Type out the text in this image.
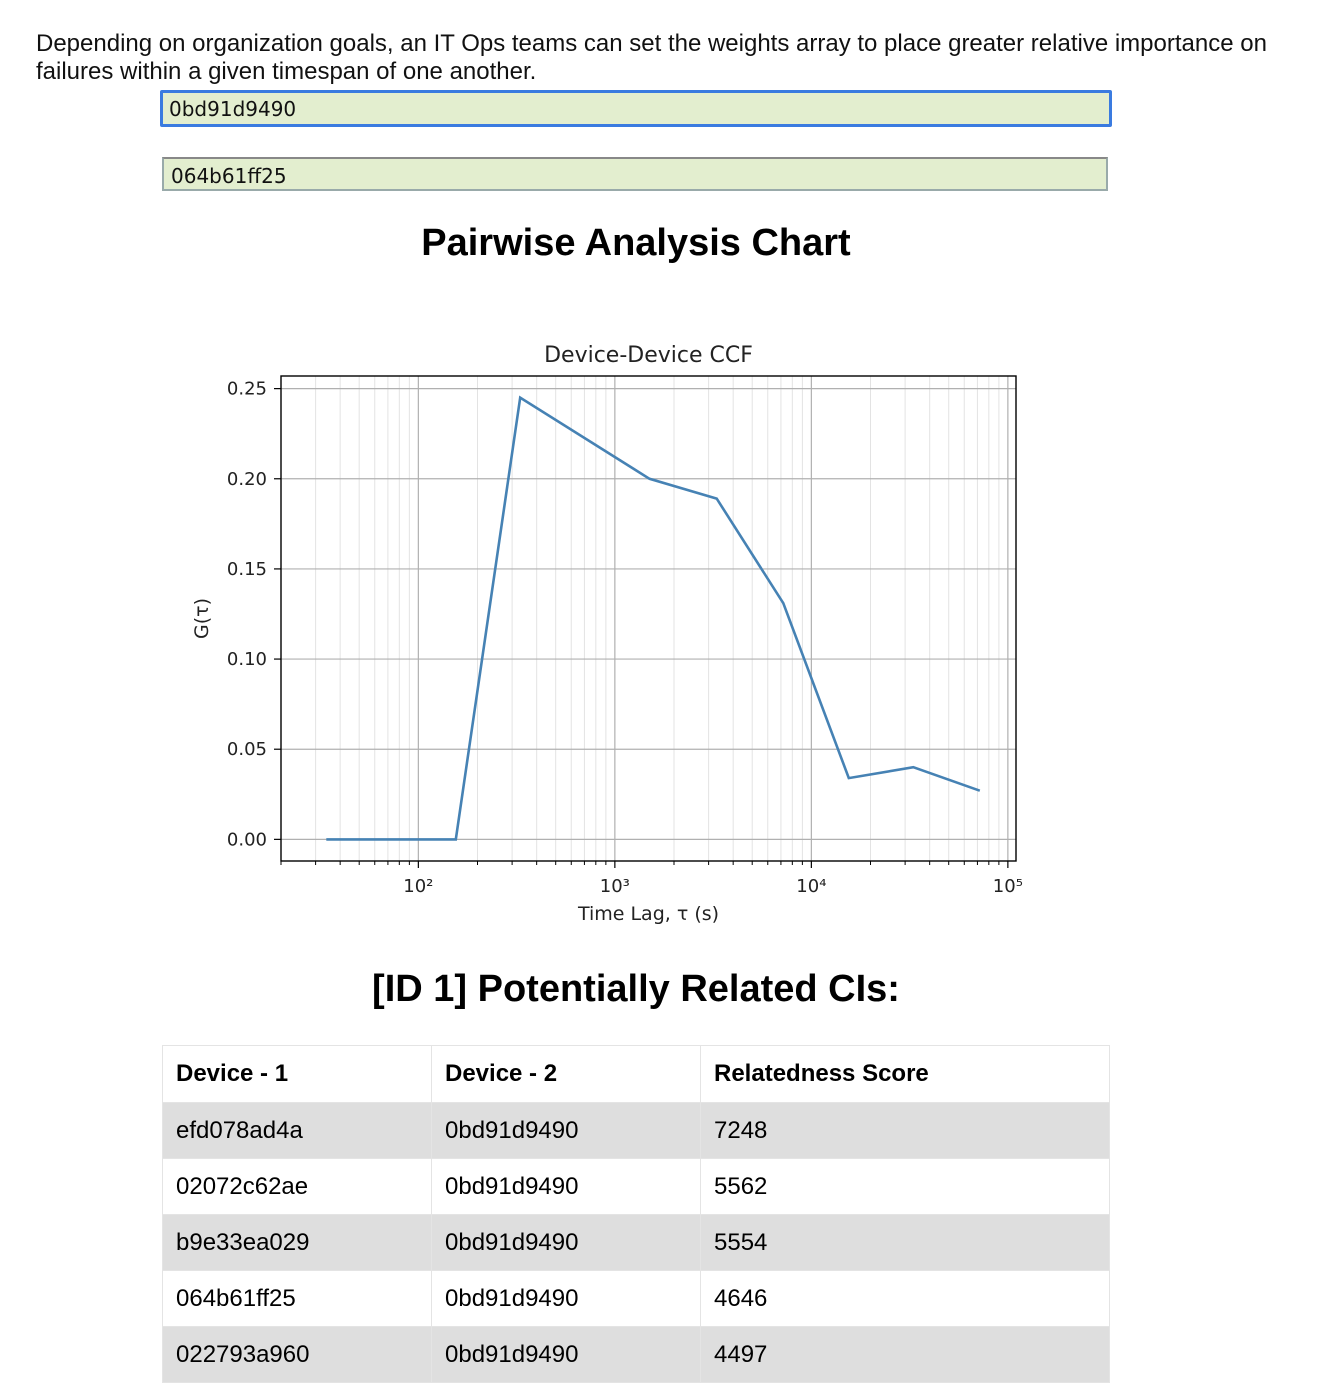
Depending on organization goals, an IT Ops teams can set the weights array to place greater relative importance on failures within a given timespan of one another.

0bd91d9490
064b61ff25
Pairwise Analysis Chart
10²	10³	10⁴	10⁵
0.00
0.05
0.10
0.15
0.20
0.25
Device-Device CCF
Time Lag, τ (s)
G(τ)
[ID 1] Potentially Related CIs:
Device - 1	Device - 2	Relatedness Score
efd078ad4a	0bd91d9490	7248
02072c62ae	0bd91d9490	5562
b9e33ea029	0bd91d9490	5554
064b61ff25	0bd91d9490	4646
022793a960	0bd91d9490	4497
